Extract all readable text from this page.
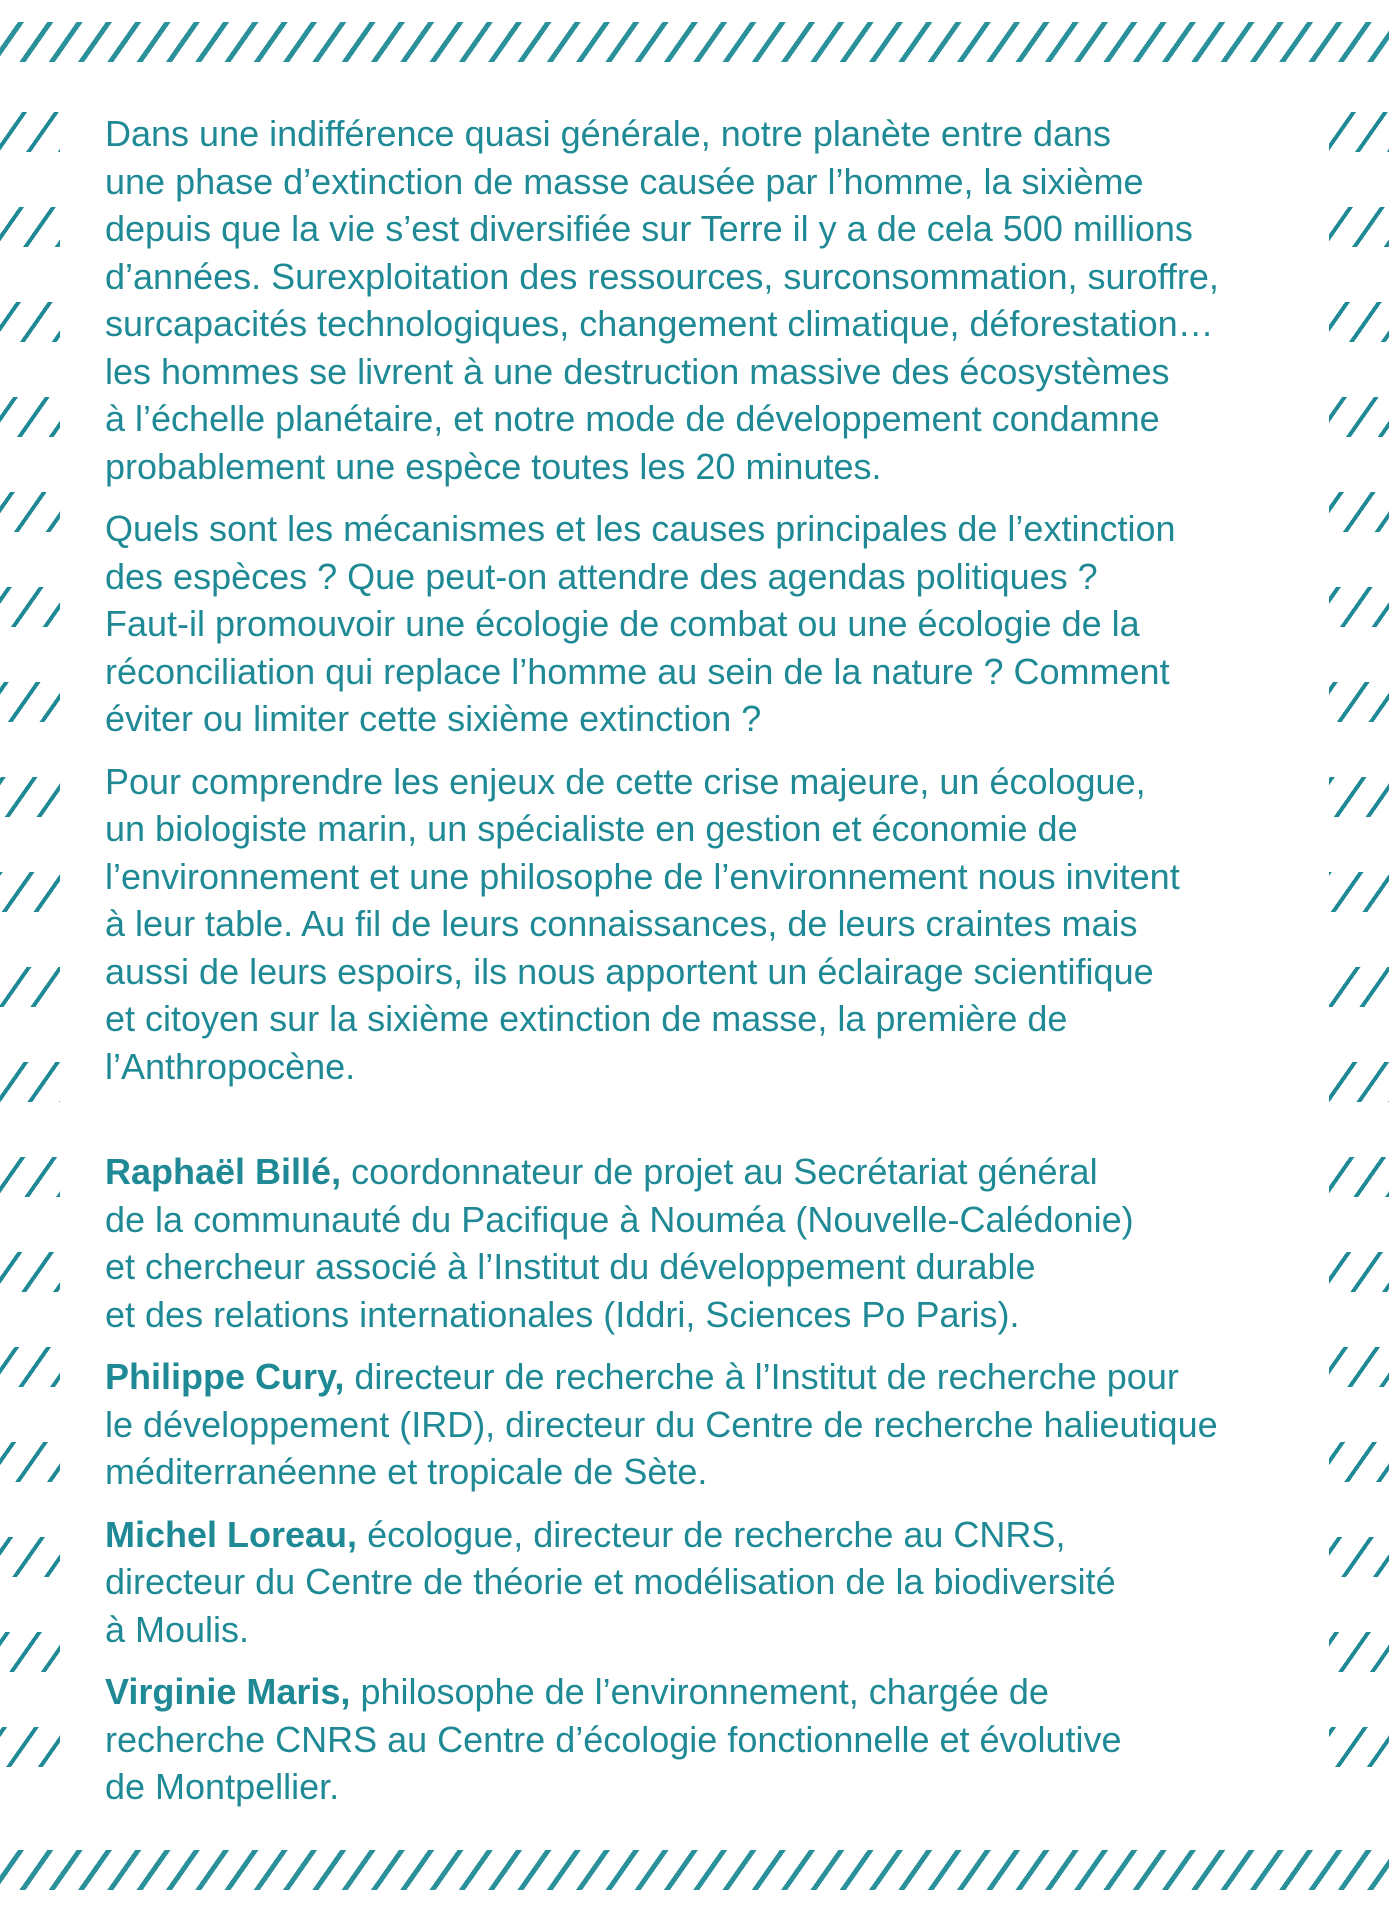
Dans une indifférence quasi générale, notre planète entre dans
une phase d’extinction de masse causée par l’homme, la sixième
depuis que la vie s’est diversifiée sur Terre il y a de cela 500 millions
d’années. Surexploitation des ressources, surconsommation, suroffre,
surcapacités technologiques, changement climatique, déforestation…
les hommes se livrent à une destruction massive des écosystèmes
à l’échelle planétaire, et notre mode de développement condamne
probablement une espèce toutes les 20 minutes.

Quels sont les mécanismes et les causes principales de l’extinction
des espèces ? Que peut-on attendre des agendas politiques ?
Faut-il promouvoir une écologie de combat ou une écologie de la
réconciliation qui replace l’homme au sein de la nature ? Comment
éviter ou limiter cette sixième extinction ?

Pour comprendre les enjeux de cette crise majeure, un écologue,
un biologiste marin, un spécialiste en gestion et économie de
l’environnement et une philosophe de l’environnement nous invitent
à leur table. Au fil de leurs connaissances, de leurs craintes mais
aussi de leurs espoirs, ils nous apportent un éclairage scientifique
et citoyen sur la sixième extinction de masse, la première de
l’Anthropocène.

Raphaël Billé, coordonnateur de projet au Secrétariat général
de la communauté du Pacifique à Nouméa (Nouvelle-Calédonie)
et chercheur associé à l’Institut du développement durable
et des relations internationales (Iddri, Sciences Po Paris).

Philippe Cury, directeur de recherche à l’Institut de recherche pour
le développement (IRD), directeur du Centre de recherche halieutique
méditerranéenne et tropicale de Sète.

Michel Loreau, écologue, directeur de recherche au CNRS,
directeur du Centre de théorie et modélisation de la biodiversité
à Moulis.

Virginie Maris, philosophe de l’environnement, chargée de
recherche CNRS au Centre d’écologie fonctionnelle et évolutive
de Montpellier.
